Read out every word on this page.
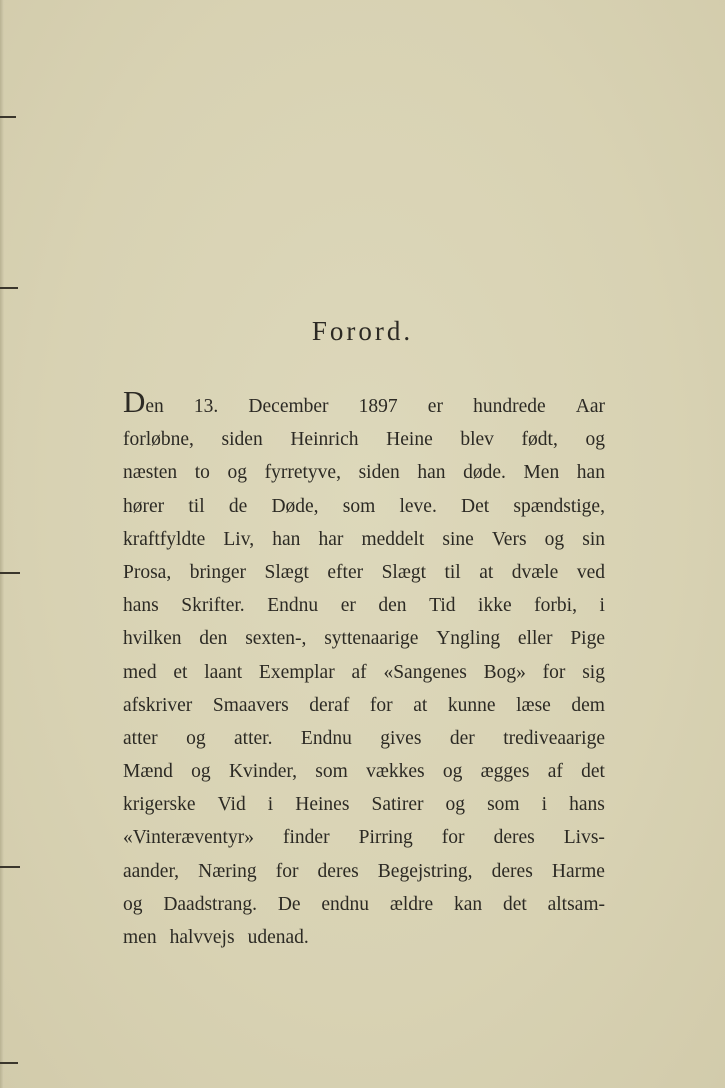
Forord.
Den 13. December 1897 er hundrede Aar
forløbne, siden Heinrich Heine blev født, og
næsten to og fyrretyve, siden han døde. Men han
hører til de Døde, som leve. Det spændstige,
kraftfyldte Liv, han har meddelt sine Vers og sin
Prosa, bringer Slægt efter Slægt til at dvæle ved
hans Skrifter. Endnu er den Tid ikke forbi, i
hvilken den sexten-, syttenaarige Yngling eller Pige
med et laant Exemplar af «Sangenes Bog» for sig
afskriver Smaavers deraf for at kunne læse dem
atter og atter. Endnu gives der trediveaarige
Mænd og Kvinder, som vækkes og ægges af det
krigerske Vid i Heines Satirer og som i hans
«Vinteræventyr» finder Pirring for deres Livs-
aander, Næring for deres Begejstring, deres Harme
og Daadstrang. De endnu ældre kan det altsam-
men halvvejs udenad.
